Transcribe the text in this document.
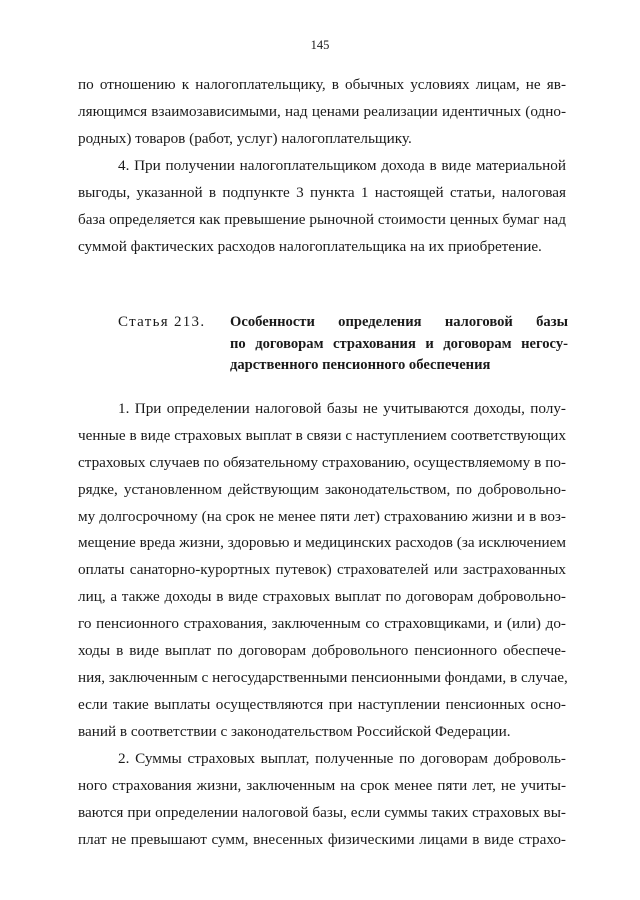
145
по отношению к налогоплательщику, в обычных условиях лицам, не яв-
ляющимся взаимозависимыми, над ценами реализации идентичных (одно-
родных) товаров (работ, услуг) налогоплательщику.
4. При получении налогоплательщиком дохода в виде материальной
выгоды, указанной в подпункте 3 пункта 1 настоящей статьи, налоговая
база определяется как превышение рыночной стоимости ценных бумаг над
суммой фактических расходов налогоплательщика на их приобретение.
Статья 213.	Особенности определения налоговой базы
по договорам страхования и договорам негосу-
дарственного пенсионного обеспечения
1. При определении налоговой базы не учитываются доходы, полу-
ченные в виде страховых выплат в связи с наступлением соответствующих
страховых случаев по обязательному страхованию, осуществляемому в по-
рядке, установленном действующим законодательством, по добровольно-
му долгосрочному (на срок не менее пяти лет) страхованию жизни и в воз-
мещение вреда жизни, здоровью и медицинских расходов (за исключением
оплаты санаторно-курортных путевок) страхователей или застрахованных
лиц, а также доходы в виде страховых выплат по договорам добровольно-
го пенсионного страхования, заключенным со страховщиками, и (или) до-
ходы в виде выплат по договорам добровольного пенсионного обеспече-
ния, заключенным с негосударственными пенсионными фондами, в случае,
если такие выплаты осуществляются при наступлении пенсионных осно-
ваний в соответствии с законодательством Российской Федерации.
2. Суммы страховых выплат, полученные по договорам доброволь-
ного страхования жизни, заключенным на срок менее пяти лет, не учиты-
ваются при определении налоговой базы, если суммы таких страховых вы-
плат не превышают сумм, внесенных физическими лицами в виде страхо-
